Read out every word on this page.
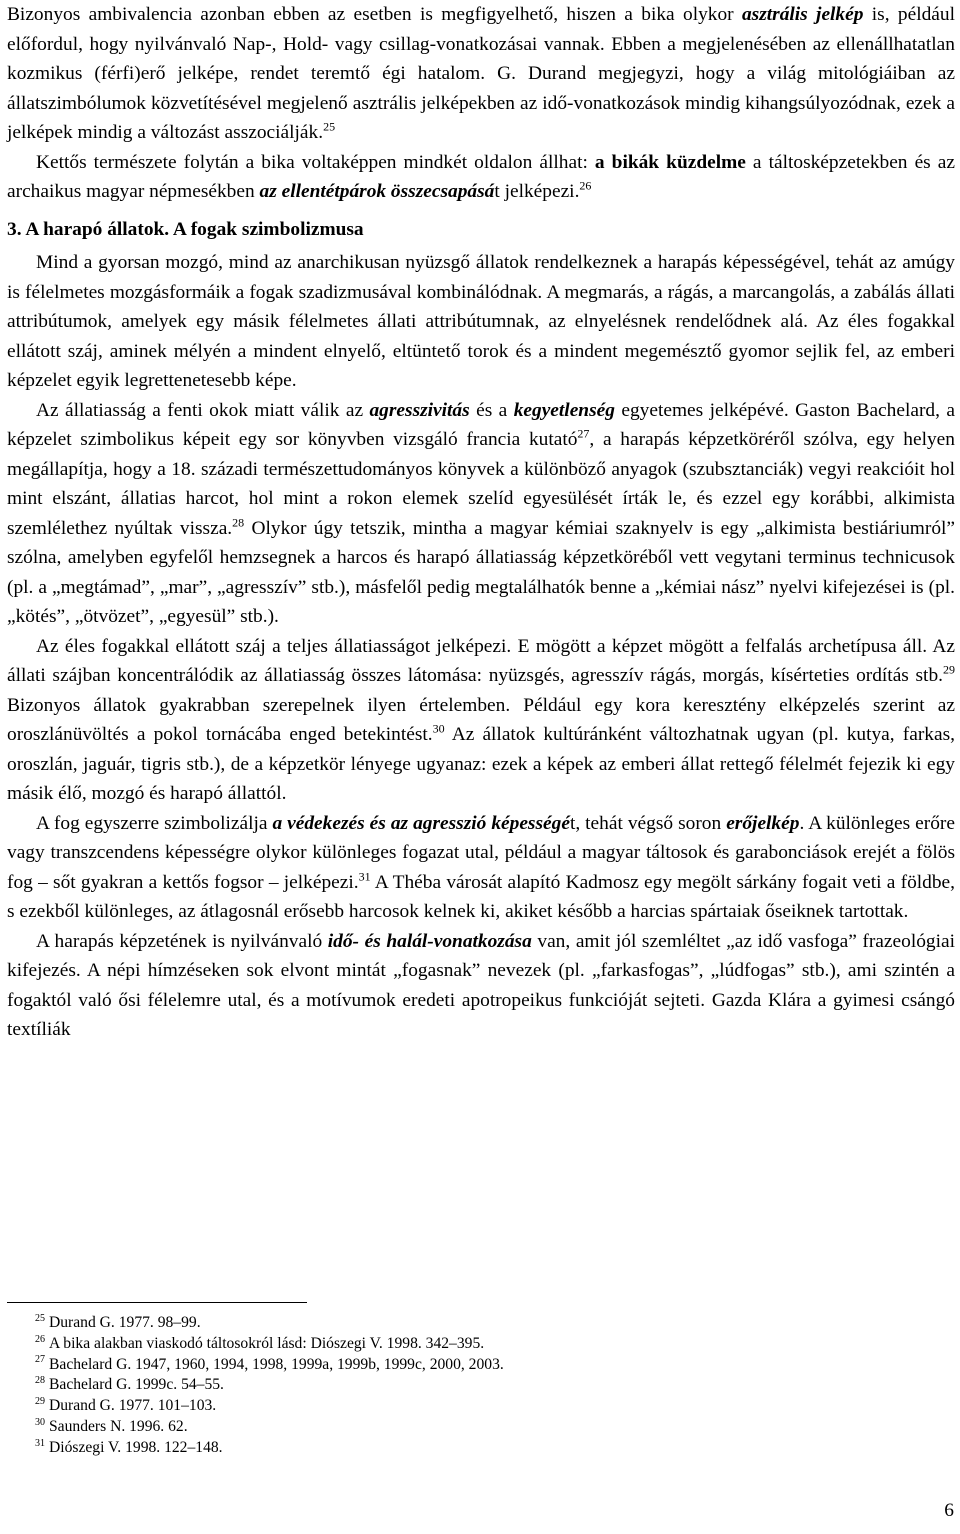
Bizonyos ambivalencia azonban ebben az esetben is megfigyelhető, hiszen a bika olykor asztrális jelkép is, például előfordul, hogy nyilvánvaló Nap-, Hold- vagy csillag-vonatkozásai vannak. Ebben a megjelenésében az ellenállhatatlan kozmikus (férfi)erő jelképe, rendet teremtő égi hatalom. G. Durand megjegyzi, hogy a világ mitológiáiban az állatszimbólumok közvetítésével megjelenő asztrális jelképekben az idő-vonatkozások mindig kihangsúlyozódnak, ezek a jelképek mindig a változást asszociálják.$^{25}$

Kettős természete folytán a bika voltaképpen mindkét oldalon állhat: a bikák küzdelme a táltosképzetekben és az archaikus magyar népmesékben az ellentétpárok összecsapását jelképezi.$^{26}$

3. A harapó állatok. A fogak szimbolizmusa

Mind a gyorsan mozgó, mind az anarchikusan nyüzsgő állatok rendelkeznek a harapás képességével, tehát az amúgy is félelmetes mozgásformáik a fogak szadizmusával kombinálódnak. A megmarás, a rágás, a marcangolás, a zabálás állati attribútumok, amelyek egy másik félelmetes állati attribútumnak, az elnyelésnek rendelődnek alá. Az éles fogakkal ellátott száj, aminek mélyén a mindent elnyelő, eltüntető torok és a mindent megemésztő gyomor sejlik fel, az emberi képzelet egyik legrettenetesebb képe.

Az állatiasság a fenti okok miatt válik az agresszivitás és a kegyetlenség egyetemes jelképévé. Gaston Bachelard, a képzelet szimbolikus képeit egy sor könyvben vizsgáló francia kutató$^{27}$, a harapás képzetköréről szólva, egy helyen megállapítja, hogy a 18. századi természettudományos könyvek a különböző anyagok (szubsztanciák) vegyi reakcióit hol mint elszánt, állatias harcot, hol mint a rokon elemek szelíd egyesülését írták le, és ezzel egy korábbi, alkimista szemlélethez nyúltak vissza.$^{28}$ Olykor úgy tetszik, mintha a magyar kémiai szaknyelv is egy „alkimista bestiáriumról” szólna, amelyben egyfelől hemzsegnek a harcos és harapó állatiasság képzetköréből vett vegytani terminus technicusok (pl. a „megtámad”, „mar”, „agresszív” stb.), másfelől pedig megtalálhatók benne a „kémiai nász” nyelvi kifejezései is (pl. „kötés”, „ötvözet”, „egyesül” stb.).

Az éles fogakkal ellátott száj a teljes állatiasságot jelképezi. E mögött a képzet mögött a felfalás archetípusa áll. Az állati szájban koncentrálódik az állatiasság összes látomása: nyüzsgés, agresszív rágás, morgás, kísérteties ordítás stb.$^{29}$ Bizonyos állatok gyakrabban szerepelnek ilyen értelemben. Például egy kora keresztény elképzelés szerint az oroszlánüvöltés a pokol tornácába enged betekintést.$^{30}$ Az állatok kultúránként változhatnak ugyan (pl. kutya, farkas, oroszlán, jaguár, tigris stb.), de a képzetkör lényege ugyanaz: ezek a képek az emberi állat rettegő félelmét fejezik ki egy másik élő, mozgó és harapó állattól.

A fog egyszerre szimbolizálja a védekezés és az agresszió képességét, tehát végső soron erőjelkép. A különleges erőre vagy transzcendens képességre olykor különleges fogazat utal, például a magyar táltosok és garabonciások erejét a fölös fog – sőt gyakran a kettős fogsor – jelképezi.$^{31}$ A Théba városát alapító Kadmosz egy megölt sárkány fogait veti a földbe, s ezekből különleges, az átlagosnál erősebb harcosok kelnek ki, akiket később a harcias spártaiak őseiknek tartottak.

A harapás képzetének is nyilvánvaló idő- és halál-vonatkozása van, amit jól szemléltet „az idő vasfoga” frazeológiai kifejezés. A népi hímzéseken sok elvont mintát „fogasnak” nevezek (pl. „farkasfogas”, „lúdfogas” stb.), ami szintén a fogaktól való ősi félelemre utal, és a motívumok eredeti apotropeikus funkcióját sejteti. Gazda Klára a gyimesi csángó textíliák

$^{25}$ Durand G. 1977. 98–99.

$^{26}$ A bika alakban viaskodó táltosokról lásd: Diószegi V. 1998. 342–395.

$^{27}$ Bachelard G. 1947, 1960, 1994, 1998, 1999a, 1999b, 1999c, 2000, 2003.

$^{28}$ Bachelard G. 1999c. 54–55.

$^{29}$ Durand G. 1977. 101–103.

$^{30}$ Saunders N. 1996. 62.

$^{31}$ Diószegi V. 1998. 122–148.

6
